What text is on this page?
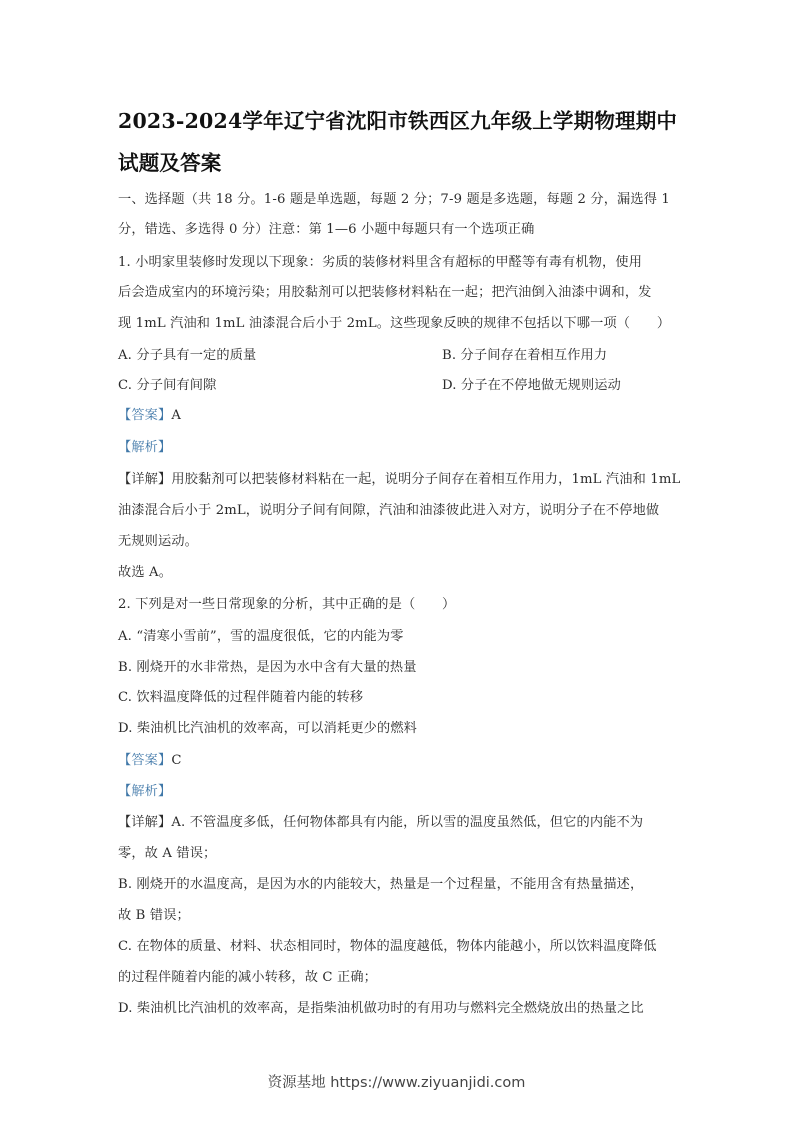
2023-2024学年辽宁省沈阳市铁西区九年级上学期物理期中
试题及答案
一、选择题（共 18 分。1-6 题是单选题，每题 2 分；7-9 题是多选题，每题 2 分，漏选得 1
分，错选、多选得 0 分）注意：第 1—6 小题中每题只有一个选项正确
1. 小明家里装修时发现以下现象：劣质的装修材料里含有超标的甲醛等有毒有机物，使用
后会造成室内的环境污染；用胶黏剂可以把装修材料粘在一起；把汽油倒入油漆中调和，发
现 1mL 汽油和 1mL 油漆混合后小于 2mL。这些现象反映的规律不包括以下哪一项（　　）
A. 分子具有一定的质量	B. 分子间存在着相互作用力
C. 分子间有间隙	D. 分子在不停地做无规则运动
【答案】A
【解析】
【详解】用胶黏剂可以把装修材料粘在一起，说明分子间存在着相互作用力，1mL 汽油和 1mL
油漆混合后小于 2mL，说明分子间有间隙，汽油和油漆彼此进入对方，说明分子在不停地做
无规则运动。
故选 A。
2. 下列是对一些日常现象的分析，其中正确的是（　　）
A. “清寒小雪前”，雪的温度很低，它的内能为零
B. 刚烧开的水非常热，是因为水中含有大量的热量
C. 饮料温度降低的过程伴随着内能的转移
D. 柴油机比汽油机的效率高，可以消耗更少的燃料
【答案】C
【解析】
【详解】A. 不管温度多低，任何物体都具有内能，所以雪的温度虽然低，但它的内能不为
零，故 A 错误；
B. 刚烧开的水温度高，是因为水的内能较大，热量是一个过程量，不能用含有热量描述，
故 B 错误；
C. 在物体的质量、材料、状态相同时，物体的温度越低，物体内能越小，所以饮料温度降低
的过程伴随着内能的减小转移，故 C 正确；
D. 柴油机比汽油机的效率高，是指柴油机做功时的有用功与燃料完全燃烧放出的热量之比
资源基地 https://www.ziyuanjidi.com
